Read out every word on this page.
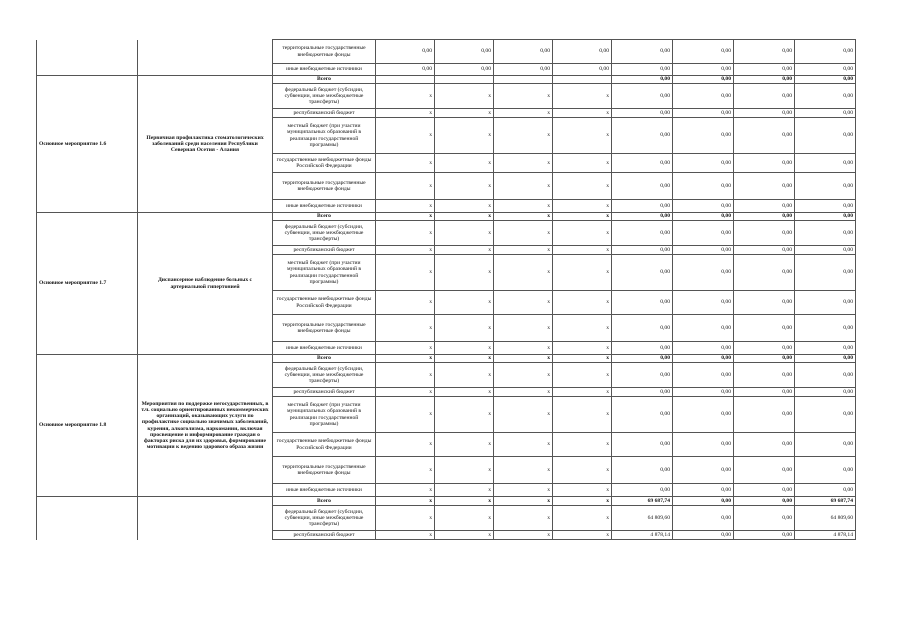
		территориальные государственные внебюджетные фонды	0,00	0,00	0,00	0,00	0,00	0,00	0,00	0,00
		иные внебюджетные источники	0,00	0,00	0,00	0,00	0,00	0,00	0,00	0,00
Основное мероприятие 1.6	Первичная профилактика стоматологических заболеваний среди населения Республики Северная Осетия - Алания	Всего					0,00	0,00	0,00	0,00
		федеральный бюджет (субсидии, субвенции, иные межбюджетные трансферты)	x	x	x	x	0,00	0,00	0,00	0,00
		республиканский бюджет	x	x	x	x	0,00	0,00	0,00	0,00
		местный бюджет (при участии муниципальных образований в реализации государственной программы)	x	x	x	x	0,00	0,00	0,00	0,00
		государственные внебюджетные фонды Российской Федерации	x	x	x	x	0,00	0,00	0,00	0,00
		территориальные государственные внебюджетные фонды	x	x	x	x	0,00	0,00	0,00	0,00
		иные внебюджетные источники	x	x	x	x	0,00	0,00	0,00	0,00
Основное мероприятие 1.7	Диспансерное наблюдение больных с артериальной гипертонией	Всего	x	x	x	x	0,00	0,00	0,00	0,00
		федеральный бюджет (субсидии, субвенции, иные межбюджетные трансферты)	x	x	x	x	0,00	0,00	0,00	0,00
		республиканский бюджет	x	x	x	x	0,00	0,00	0,00	0,00
		местный бюджет (при участии муниципальных образований в реализации государственной программы)	x	x	x	x	0,00	0,00	0,00	0,00
		государственные внебюджетные фонды Российской Федерации	x	x	x	x	0,00	0,00	0,00	0,00
		территориальные государственные внебюджетные фонды	x	x	x	x	0,00	0,00	0,00	0,00
		иные внебюджетные источники	x	x	x	x	0,00	0,00	0,00	0,00
Основное мероприятие 1.8	Мероприятия по поддержке негосударственных, в т.ч. социально ориентированных некоммерческих организаций, оказывающих услуги по профилактике социально значимых заболеваний, курения, алкоголизма, наркомании, включая просвещение и информирование граждан о факторах риска для их здоровья, формирование мотивации к ведению здорового образа жизни	Всего	x	x	x	x	0,00	0,00	0,00	0,00
		федеральный бюджет (субсидии, субвенции, иные межбюджетные трансферты)	x	x	x	x	0,00	0,00	0,00	0,00
		республиканский бюджет	x	x	x	x	0,00	0,00	0,00	0,00
		местный бюджет (при участии муниципальных образований в реализации государственной программы)	x	x	x	x	0,00	0,00	0,00	0,00
		государственные внебюджетные фонды Российской Федерации	x	x	x	x	0,00	0,00	0,00	0,00
		территориальные государственные внебюджетные фонды	x	x	x	x	0,00	0,00	0,00	0,00
		иные внебюджетные источники	x	x	x	x	0,00	0,00	0,00	0,00
		Всего	x	x	x	x	69 687,74	0,00	0,00	69 687,74
		федеральный бюджет (субсидии, субвенции, иные межбюджетные трансферты)	x	x	x	x	64 809,60	0,00	0,00	64 809,60
		республиканский бюджет	x	x	x	x	4 878,14	0,00	0,00	4 878,14
